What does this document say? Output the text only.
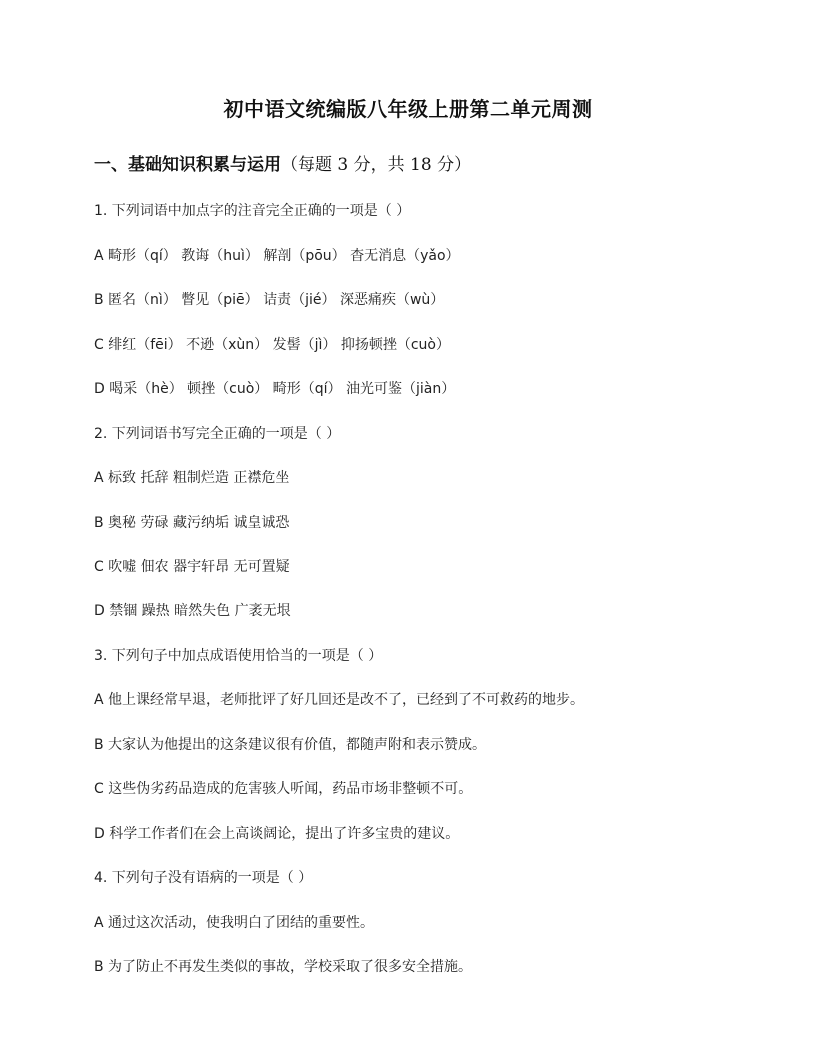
初中语文统编版八年级上册第二单元周测
一、基础知识积累与运用（每题 3 分，共 18 分）
1. 下列词语中加点字的注音完全正确的一项是（ ）
A 畸形（qí） 教诲（huì） 解剖（pōu） 杳无消息（yǎo）
B 匿名（nì） 瞥见（piē） 诘责（jié） 深恶痛疾（wù）
C 绯红（fēi） 不逊（xùn） 发髻（jì） 抑扬顿挫（cuò）
D 喝采（hè） 顿挫（cuò） 畸形（qí） 油光可鉴（jiàn）
2. 下列词语书写完全正确的一项是（ ）
A 标致 托辞 粗制烂造 正襟危坐
B 奥秘 劳碌 藏污纳垢 诚皇诚恐
C 吹嘘 佃农 器宇轩昂 无可置疑
D 禁锢 躁热 暗然失色 广袤无垠
3. 下列句子中加点成语使用恰当的一项是（ ）
A 他上课经常早退，老师批评了好几回还是改不了，已经到了不可救药的地步。
B 大家认为他提出的这条建议很有价值，都随声附和表示赞成。
C 这些伪劣药品造成的危害骇人听闻，药品市场非整顿不可。
D 科学工作者们在会上高谈阔论，提出了许多宝贵的建议。
4. 下列句子没有语病的一项是（ ）
A 通过这次活动，使我明白了团结的重要性。
B 为了防止不再发生类似的事故，学校采取了很多安全措施。
